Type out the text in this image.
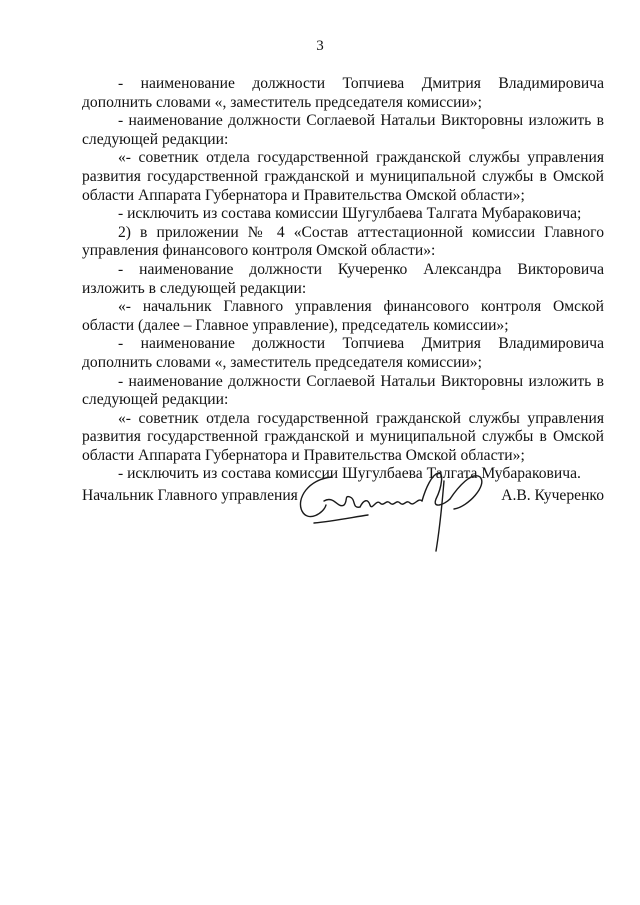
3

- наименование должности Топчиева Дмитрия Владимировича дополнить словами «, заместитель председателя комиссии»;

- наименование должности Соглаевой Натальи Викторовны изложить в следующей редакции:

«- советник отдела государственной гражданской службы управления развития государственной гражданской и муниципальной службы в Омской области Аппарата Губернатора и Правительства Омской области»;

- исключить из состава комиссии Шугулбаева Талгата Мубараковича;

2) в приложении № 4 «Состав аттестационной комиссии Главного управления финансового контроля Омской области»:

- наименование должности Кучеренко Александра Викторовича изложить в следующей редакции:

«- начальник Главного управления финансового контроля Омской области (далее – Главное управление), председатель комиссии»;

- наименование должности Топчиева Дмитрия Владимировича дополнить словами «, заместитель председателя комиссии»;

- наименование должности Соглаевой Натальи Викторовны изложить в следующей редакции:

«- советник отдела государственной гражданской службы управления развития государственной гражданской и муниципальной службы в Омской области Аппарата Губернатора и Правительства Омской области»;

- исключить из состава комиссии Шугулбаева Талгата Мубараковича.

Начальник Главного управления	А.В. Кучеренко
